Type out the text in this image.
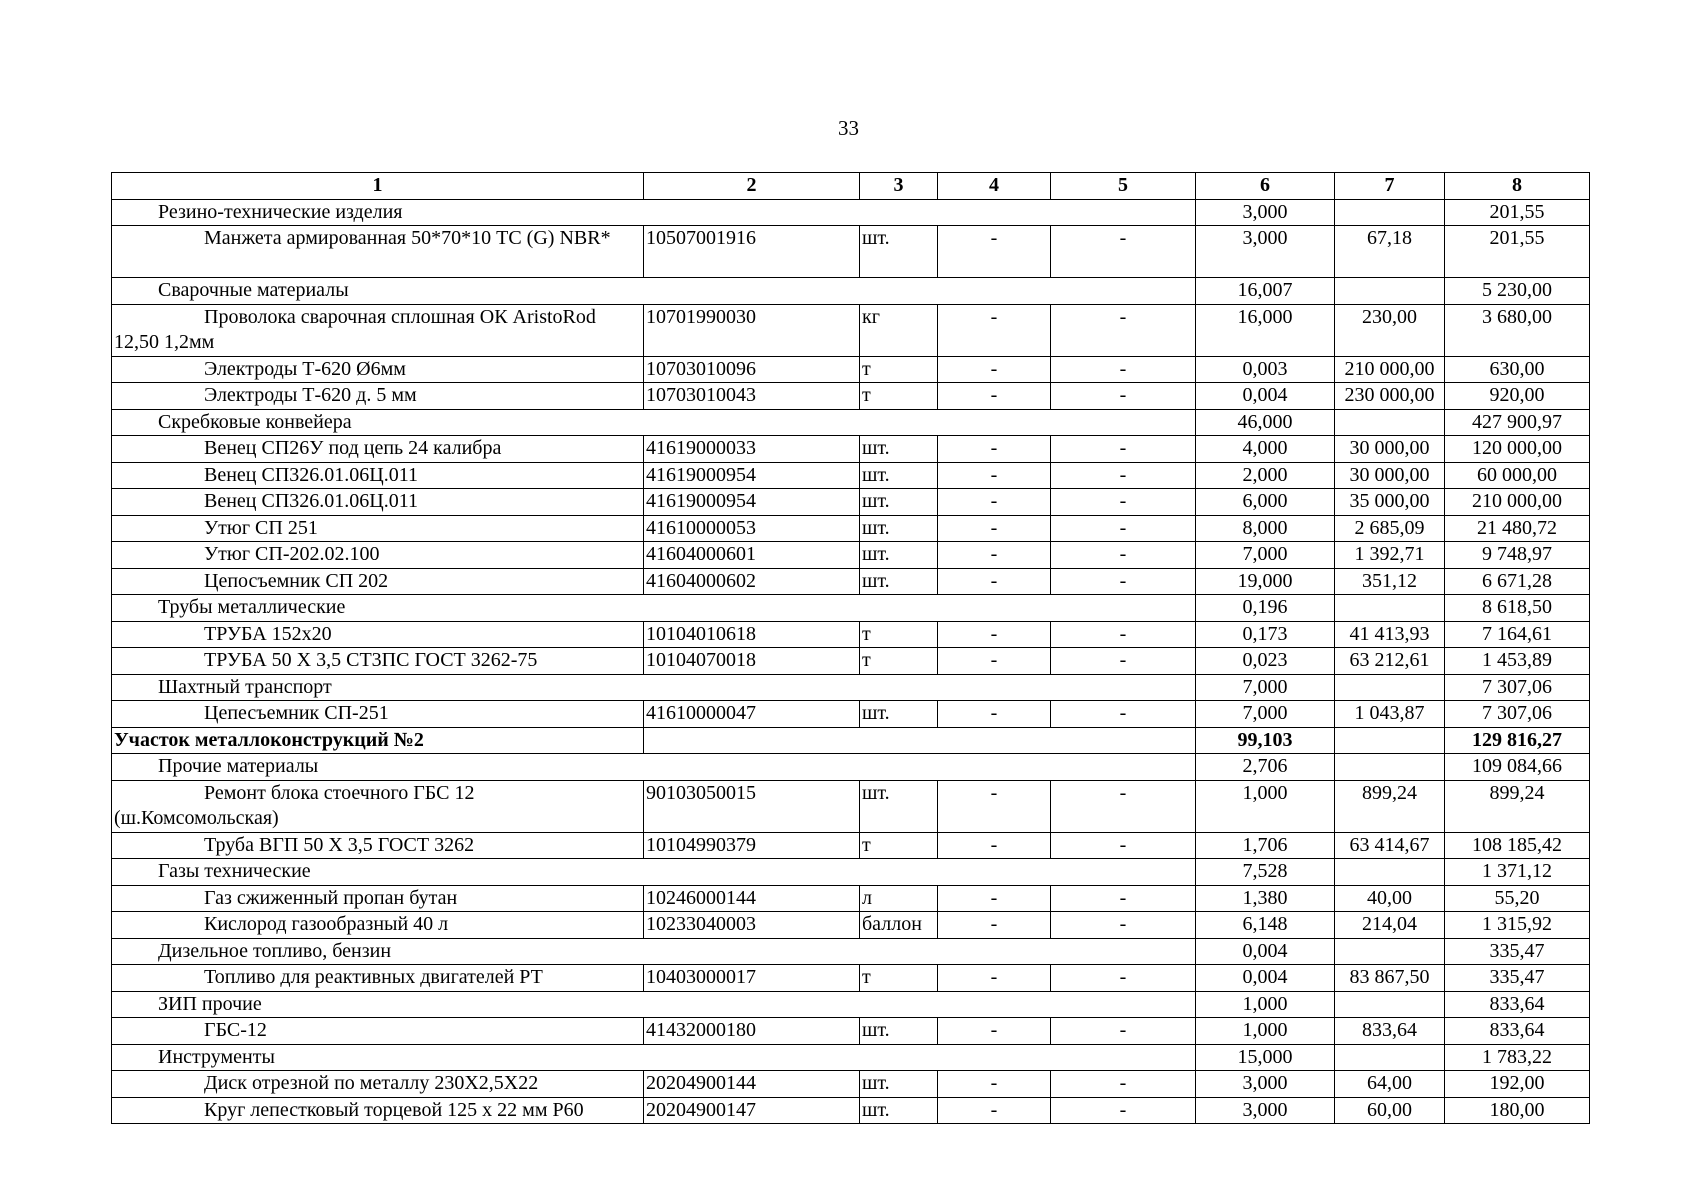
33
1	2	3	4	5	6	7	8
Резино-технические изделия					3,000		201,55
Манжета армированная 50*70*10 ТС (G) NBR*	10507001916	шт.	-	-	3,000	67,18	201,55
Сварочные материалы					16,007		5 230,00
Проволока сварочная сплошная ОК AristoRod 12,50 1,2мм	10701990030	кг	-	-	16,000	230,00	3 680,00
Электроды Т-620 Ø6мм	10703010096	т	-	-	0,003	210 000,00	630,00
Электроды Т-620 д. 5 мм	10703010043	т	-	-	0,004	230 000,00	920,00
Скребковые конвейера					46,000		427 900,97
Венец СП26У под цепь 24 калибра	41619000033	шт.	-	-	4,000	30 000,00	120 000,00
Венец СП326.01.06Ц.011	41619000954	шт.	-	-	2,000	30 000,00	60 000,00
Венец СП326.01.06Ц.011	41619000954	шт.	-	-	6,000	35 000,00	210 000,00
Утюг СП 251	41610000053	шт.	-	-	8,000	2 685,09	21 480,72
Утюг СП-202.02.100	41604000601	шт.	-	-	7,000	1 392,71	9 748,97
Цепосъемник СП 202	41604000602	шт.	-	-	19,000	351,12	6 671,28
Трубы металлические					0,196		8 618,50
ТРУБА 152х20	10104010618	т	-	-	0,173	41 413,93	7 164,61
ТРУБА 50 Х 3,5 СТ3ПС ГОСТ 3262-75	10104070018	т	-	-	0,023	63 212,61	1 453,89
Шахтный транспорт					7,000		7 307,06
Цепесъемник СП-251	41610000047	шт.	-	-	7,000	1 043,87	7 307,06
Участок металлоконструкций №2					99,103		129 816,27
Прочие материалы					2,706		109 084,66
Ремонт блока стоечного ГБС 12 (ш.Комсомольская)	90103050015	шт.	-	-	1,000	899,24	899,24
Труба ВГП 50 Х 3,5 ГОСТ 3262	10104990379	т	-	-	1,706	63 414,67	108 185,42
Газы технические					7,528		1 371,12
Газ сжиженный пропан бутан	10246000144	л	-	-	1,380	40,00	55,20
Кислород газообразный 40 л	10233040003	баллон	-	-	6,148	214,04	1 315,92
Дизельное топливо, бензин					0,004		335,47
Топливо для реактивных двигателей РТ	10403000017	т	-	-	0,004	83 867,50	335,47
ЗИП прочие					1,000		833,64
ГБС-12	41432000180	шт.	-	-	1,000	833,64	833,64
Инструменты					15,000		1 783,22
Диск отрезной по металлу 230Х2,5Х22	20204900144	шт.	-	-	3,000	64,00	192,00
Круг лепестковый торцевой 125 х 22 мм Р60	20204900147	шт.	-	-	3,000	60,00	180,00
